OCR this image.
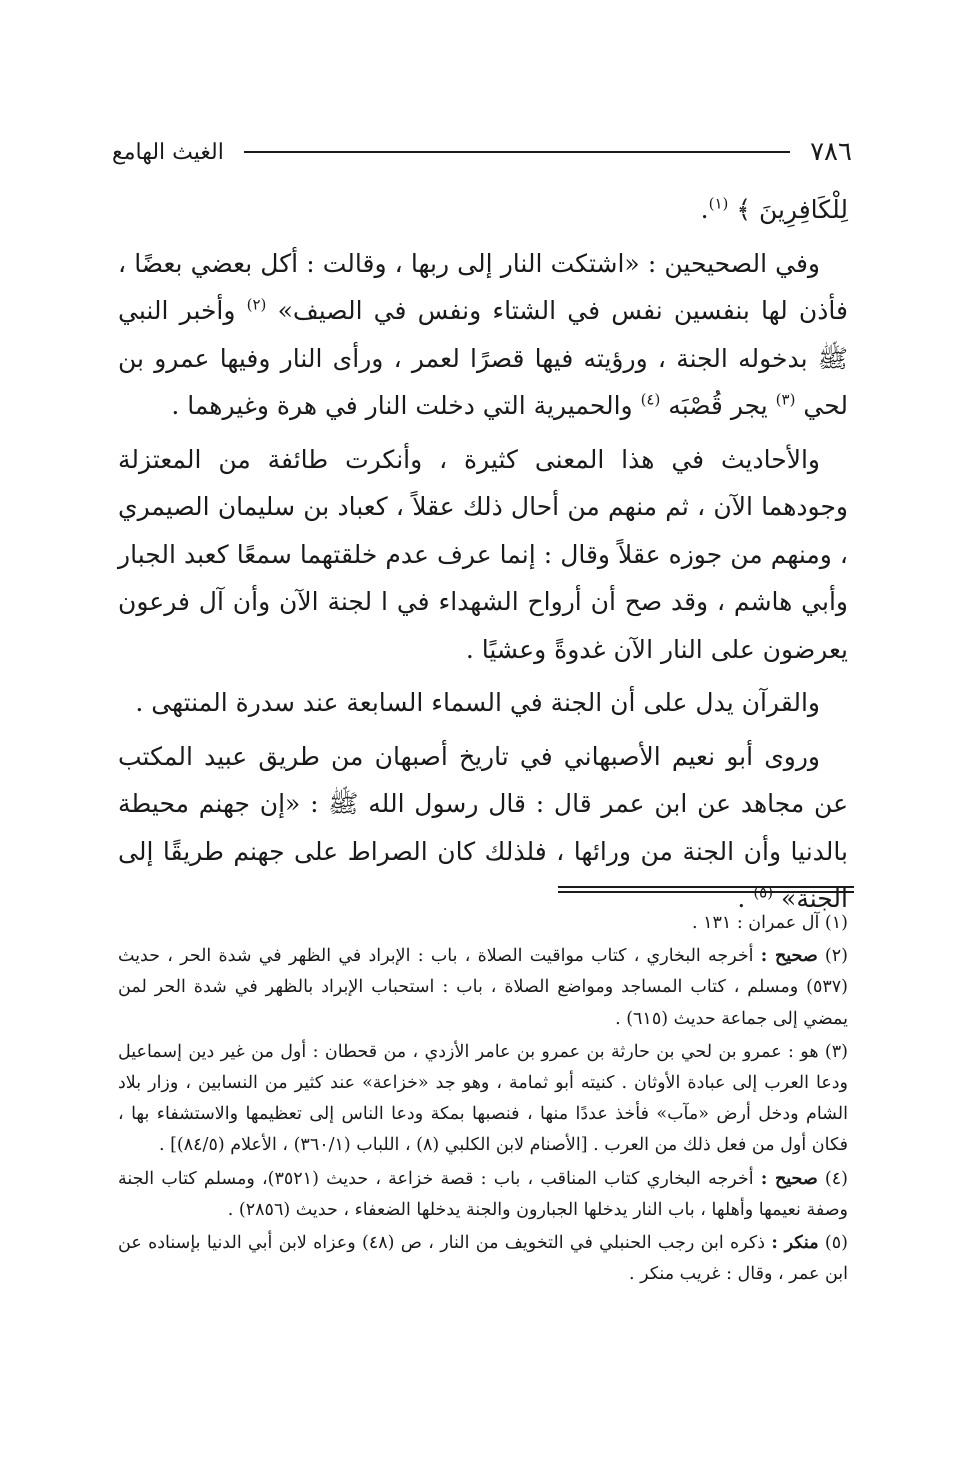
٧٨٦
الغيث الهامع

لِلْكَافِرِينَ ﴾ $^{(١)}$.

وفي الصحيحين : «اشتكت النار إلى ربها ، وقالت : أكل بعضي بعضًا ، فأذن لها بنفسين نفس في الشتاء ونفس في الصيف» $^{(٢)}$ وأخبر النبي ﷺ بدخوله الجنة ، ورؤيته فيها قصرًا لعمر ، ورأى النار وفيها عمرو بن لحي $^{(٣)}$ يجر قُصْبَه $^{(٤)}$ والحميرية التي دخلت النار في هرة وغيرهما .

والأحاديث في هذا المعنى كثيرة ، وأنكرت طائفة من المعتزلة وجودهما الآن ، ثم منهم من أحال ذلك عقلاً ، كعباد بن سليمان الصيمري ، ومنهم من جوزه عقلاً وقال : إنما عرف عدم خلقتهما سمعًا كعبد الجبار وأبي هاشم ، وقد صح أن أرواح الشهداء في ا لجنة الآن وأن آل فرعون يعرضون على النار الآن غدوةً وعشيًا .

والقرآن يدل على أن الجنة في السماء السابعة عند سدرة المنتهى .

وروى أبو نعيم الأصبهاني في تاريخ أصبهان من طريق عبيد المكتب عن مجاهد عن ابن عمر قال : قال رسول الله ﷺ : «إن جهنم محيطة بالدنيا وأن الجنة من ورائها ، فلذلك كان الصراط على جهنم طريقًا إلى الجنة» $^{(٥)}$ .

(١) آل عمران : ١٣١ .

(٢) صحيح : أخرجه البخاري ، كتاب مواقيت الصلاة ، باب : الإبراد في الظهر في شدة الحر ، حديث (٥٣٧) ومسلم ، كتاب المساجد ومواضع الصلاة ، باب : استحباب الإبراد بالظهر في شدة الحر لمن يمضي إلى جماعة حديث (٦١٥) .

(٣) هو : عمرو بن لحي بن حارثة بن عمرو بن عامر الأزدي ، من قحطان : أول من غير دين إسماعيل ودعا العرب إلى عبادة الأوثان . كنيته أبو ثمامة ، وهو جد «خزاعة» عند كثير من النسابين ، وزار بلاد الشام ودخل أرض «مآب» فأخذ عددًا منها ، فنصبها بمكة ودعا الناس إلى تعظيمها والاستشفاء بها ، فكان أول من فعل ذلك من العرب . [الأصنام لابن الكلبي (٨) ، اللباب (٣٦٠/١) ، الأعلام (٨٤/٥)] .

(٤) صحيح : أخرجه البخاري كتاب المناقب ، باب : قصة خزاعة ، حديث (٣٥٢١)، ومسلم كتاب الجنة وصفة نعيمها وأهلها ، باب النار يدخلها الجبارون والجنة يدخلها الضعفاء ، حديث (٢٨٥٦) .

(٥) منكر : ذكره ابن رجب الحنبلي في التخويف من النار ، ص (٤٨) وعزاه لابن أبي الدنيا بإسناده عن ابن عمر ، وقال : غريب منكر .
